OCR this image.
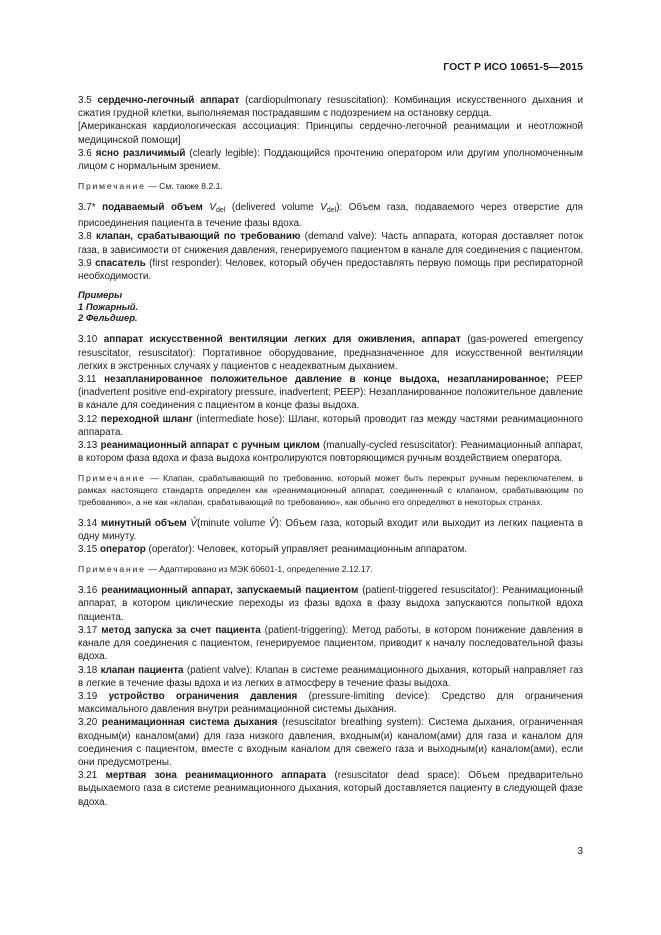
ГОСТ Р ИСО 10651-5—2015

3.5 сердечно-легочный аппарат (cardiopulmonary resuscitation): Комбинация искусственного дыхания и сжатия грудной клетки, выполняемая пострадавшим с подозрением на остановку сердца.

[Американская кардиологическая ассоциация: Принципы сердечно-легочной реанимации и неотложной медицинской помощи]

3.6 ясно различимый (clearly legible): Поддающийся прочтению оператором или другим уполномоченным лицом с нормальным зрением.

Примечание — См. также 8.2.1.

3.7* подаваемый объем $V_{del}$ (delivered volume $V_{del}$): Объем газа, подаваемого через отверстие для присоединения пациента в течение фазы вдоха.

3.8 клапан, срабатывающий по требованию (demand valve): Часть аппарата, которая доставляет поток газа, в зависимости от снижения давления, генерируемого пациентом в канале для соединения с пациентом.

3.9 спасатель (first responder): Человек, который обучен предоставлять первую помощь при респираторной необходимости.

Примеры
1 Пожарный.
2 Фельдшер.

3.10 аппарат искусственной вентиляции легких для оживления, аппарат (gas-powered emergency resuscitator, resuscitator): Портативное оборудование, предназначенное для искусственной вентиляции легких в экстренных случаях у пациентов с неадекватным дыханием.

3.11 незапланированное положительное давление в конце выдоха, незапланированное; PEEP (inadvertent positive end-expiratory pressure, inadvertent; PEEP): Незапланированное положительное давление в канале для соединения с пациентом в конце фазы выдоха.

3.12 переходной шланг (intermediate hose): Шланг, который проводит газ между частями реанимационного аппарата.

3.13 реанимационный аппарат с ручным циклом (manually-cycled resuscitator): Реанимационный аппарат, в котором фаза вдоха и фаза выдоха контролируются повторяющимся ручным воздействием оператора.

Примечание — Клапан, срабатывающий по требованию, который может быть перекрыт ручным переключателем, в рамках настоящего стандарта определен как «реанимационный аппарат, соединенный с клапаном, срабатывающим по требованию», а не как «клапан, срабатывающий по требованию», как обычно его определяют в некоторых странах.

3.14 минутный объем V̊(minute volume V̊): Объем газа, который входит или выходит из легких пациента в одну минуту.

3.15 оператор (operator): Человек, который управляет реанимационным аппаратом.

Примечание — Адаптировано из МЭК 60601-1, определение 2.12.17.

3.16 реанимационный аппарат, запускаемый пациентом (patient-triggered resuscitator): Реанимационный аппарат, в котором циклические переходы из фазы вдоха в фазу выдоха запускаются попыткой вдоха пациента.

3.17 метод запуска за счет пациента (patient-triggering): Метод работы, в котором понижение давления в канале для соединения с пациентом, генерируемое пациентом, приводит к началу последовательной фазы вдоха.

3.18 клапан пациента (patient valve): Клапан в системе реанимационного дыхания, который направляет газ в легкие в течение фазы вдоха и из легких в атмосферу в течение фазы выдоха.

3.19 устройство ограничения давления (pressure-limiting device): Средство для ограничения максимального давления внутри реанимационной системы дыхания.

3.20 реанимационная система дыхания (resuscitator breathing system): Система дыхания, ограниченная входным(и) каналом(ами) для газа низкого давления, входным(и) каналом(ами) для газа и каналом для соединения с пациентом, вместе с входным каналом для свежего газа и выходным(и) каналом(ами), если они предусмотрены.

3.21 мертвая зона реанимационного аппарата (resuscitator dead space): Объем предварительно выдыхаемого газа в системе реанимационного дыхания, который доставляется пациенту в следующей фазе вдоха.

3
